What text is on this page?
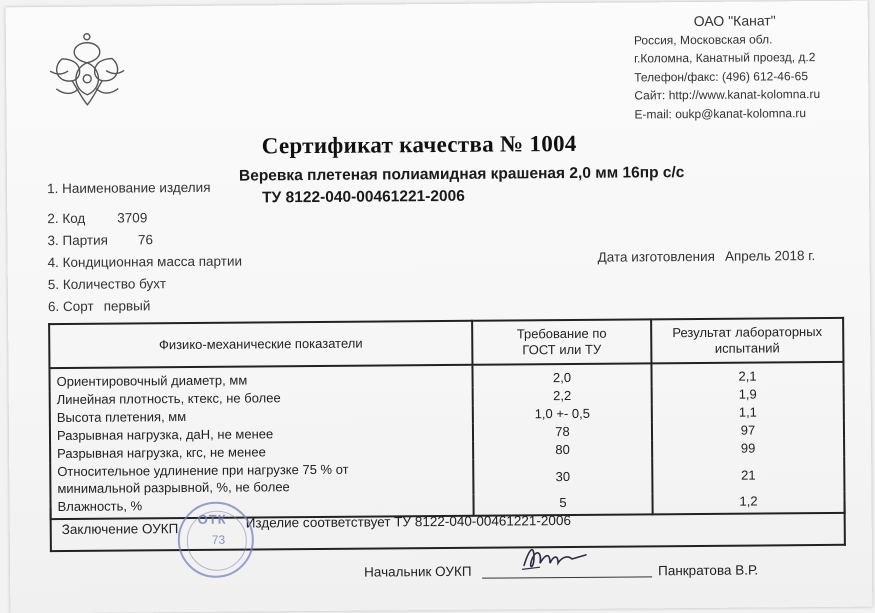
ОАО "Канат"
Россия, Московская обл.
г.Коломна, Канатный проезд, д.2
Телефон/факс: (496) 612-46-65
Сайт: http://www.kanat-kolomna.ru
E-mail: oukp@kanat-kolomna.ru
Сертификат качества № 1004
Веревка плетеная полиамидная крашеная 2,0 мм 16пр с/с
ТУ 8122-040-00461221-2006
1. Наименование изделия
2. Код 3709
3. Партия 76
4. Кондиционная масса партии
5. Количество бухт
6. Сорт первый
Дата изготовления Апрель 2018 г.
Физико-механические показатели	Требование по ГОСТ или ТУ	Результат лабораторных испытаний
Ориентировочный диаметр, мм	2,0	2,1
Линейная плотность, ктекс, не более	2,2	1,9
Высота плетения, мм	1,0 +- 0,5	1,1
Разрывная нагрузка, даН, не менее	78	97
Разрывная нагрузка, кгс, не менее	80	99
Относительное удлинение при нагрузке 75 % от минимальной разрывной, %, не более	30	21
Влажность, %	5	1,2
Заключение ОУКП	Изделие соответствует ТУ 8122-040-00461221-2006
ОТК
73
Начальник ОУКП	Панкратова В.Р.
